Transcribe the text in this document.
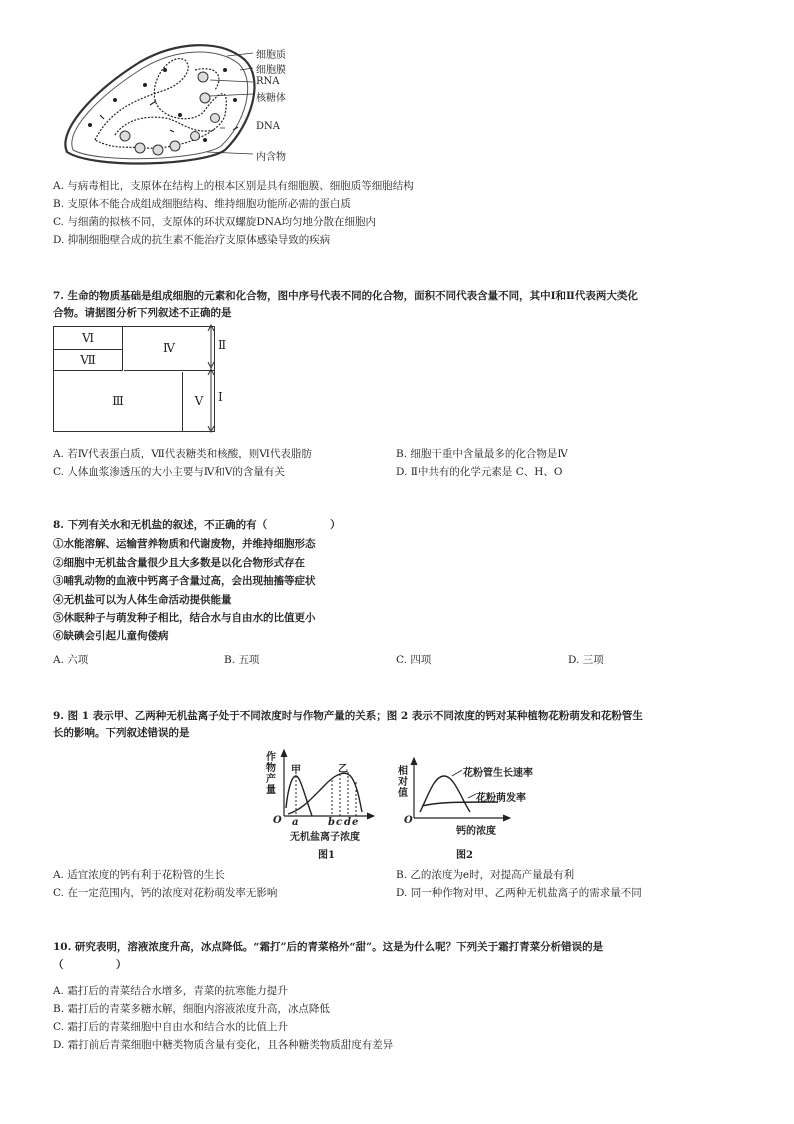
细胞质
细胞膜
RNA
核糖体
DNA
内含物
A. 与病毒相比，支原体在结构上的根本区别是具有细胞膜、细胞质等细胞结构
B. 支原体不能合成组成细胞结构、维持细胞功能所必需的蛋白质
C. 与细菌的拟核不同，支原体的环状双螺旋DNA均匀地分散在细胞内
D. 抑制细胞壁合成的抗生素不能治疗支原体感染导致的疾病
7. 生命的物质基础是组成细胞的元素和化合物，图中序号代表不同的化合物，面积不同代表含量不同，其中Ⅰ和Ⅱ代表两大类化
合物。请据图分析下列叙述不正确的是
Ⅵ
Ⅶ
Ⅳ
Ⅲ	Ⅴ
Ⅱ
Ⅰ
A. 若Ⅳ代表蛋白质，Ⅶ代表糖类和核酸，则Ⅵ代表脂肪	B. 细胞干重中含量最多的化合物是Ⅳ
C. 人体血浆渗透压的大小主要与Ⅳ和Ⅴ的含量有关	D. Ⅱ中共有的化学元素是 C、H、O
8. 下列有关水和无机盐的叙述，不正确的有（　　　　　　）
①水能溶解、运输营养物质和代谢废物，并维持细胞形态
②细胞中无机盐含量很少且大多数是以化合物形式存在
③哺乳动物的血液中钙离子含量过高，会出现抽搐等症状
④无机盐可以为人体生命活动提供能量
⑤休眠种子与萌发种子相比，结合水与自由水的比值更小
⑥缺碘会引起儿童佝偻病
A. 六项	B. 五项	C. 四项	D. 三项
9. 图 1 表示甲、乙两种无机盐离子处于不同浓度时与作物产量的关系；图 2 表示不同浓度的钙对某种植物花粉萌发和花粉管生
长的影响。下列叙述错误的是
作物产量
甲	乙
O a	b c d e
无机盐离子浓度
图1
相对值
花粉管生长速率
花粉萌发率
O
钙的浓度
图2
A. 适宜浓度的钙有利于花粉管的生长	B. 乙的浓度为e时，对提高产量最有利
C. 在一定范围内，钙的浓度对花粉萌发率无影响	D. 同一种作物对甲、乙两种无机盐离子的需求量不同
10. 研究表明，溶液浓度升高，冰点降低。“霜打”后的青菜格外“甜”。这是为什么呢？下列关于霜打青菜分析错误的是
（　　　　　）
A. 霜打后的青菜结合水增多，青菜的抗寒能力提升
B. 霜打后的青菜多糖水解，细胞内溶液浓度升高，冰点降低
C. 霜打后的青菜细胞中自由水和结合水的比值上升
D. 霜打前后青菜细胞中糖类物质含量有变化，且各种糖类物质甜度有差异
